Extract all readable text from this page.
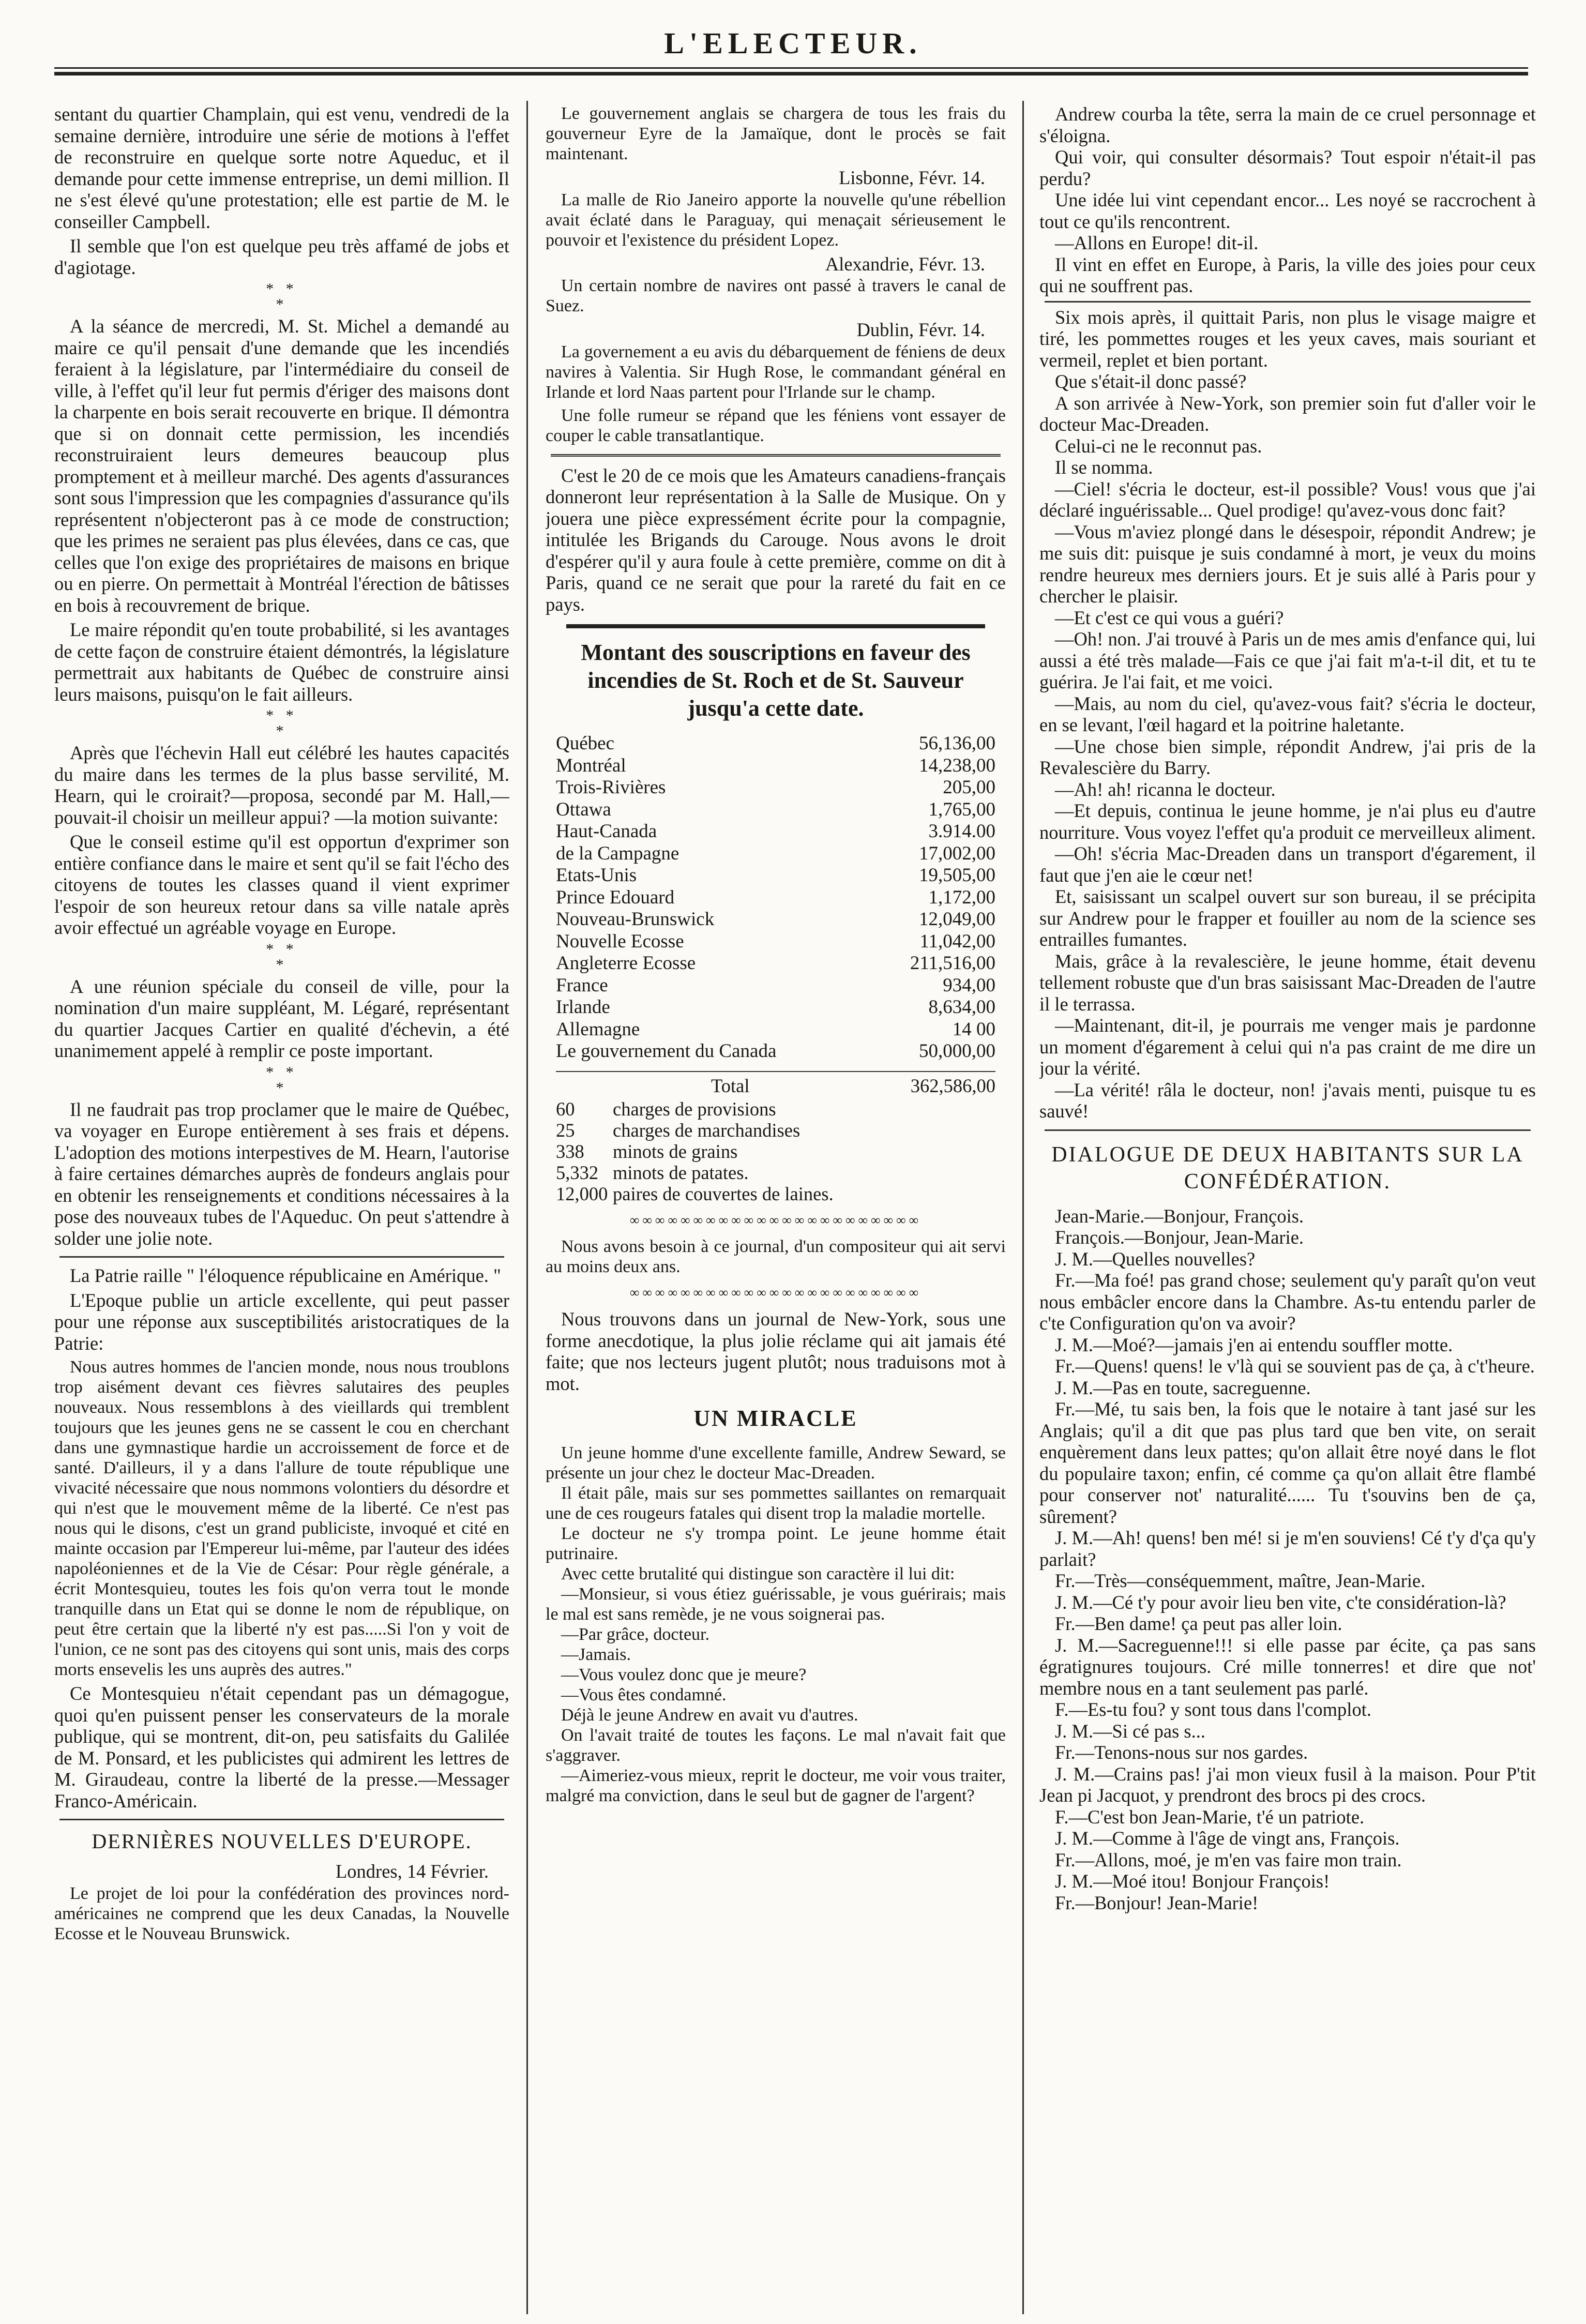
L'ELECTEUR.

sentant du quartier Champlain, qui est venu, vendredi de la semaine dernière, introduire une série de motions à l'effet de reconstruire en quelque sorte notre Aqueduc, et il demande pour cette immense entreprise, un demi million. Il ne s'est élevé qu'une protestation; elle est partie de M. le conseiller Campbell.

Il semble que l'on est quelque peu très affamé de jobs et d'agiotage.

* *
*

A la séance de mercredi, M. St. Michel a demandé au maire ce qu'il pensait d'une demande que les incendiés feraient à la législature, par l'intermédiaire du conseil de ville, à l'effet qu'il leur fut permis d'ériger des maisons dont la charpente en bois serait recouverte en brique. Il démontra que si on donnait cette permission, les incendiés reconstruiraient leurs demeures beaucoup plus promptement et à meilleur marché. Des agents d'assurances sont sous l'impression que les compagnies d'assurance qu'ils représentent n'objecteront pas à ce mode de construction; que les primes ne seraient pas plus élevées, dans ce cas, que celles que l'on exige des propriétaires de maisons en brique ou en pierre. On permettait à Montréal l'érection de bâtisses en bois à recouvrement de brique.

Le maire répondit qu'en toute probabilité, si les avantages de cette façon de construire étaient démontrés, la législature permettrait aux habitants de Québec de construire ainsi leurs maisons, puisqu'on le fait ailleurs.

* *
*

Après que l'échevin Hall eut célébré les hautes capacités du maire dans les termes de la plus basse servilité, M. Hearn, qui le croirait?—proposa, secondé par M. Hall,—pouvait-il choisir un meilleur appui? —la motion suivante:

Que le conseil estime qu'il est opportun d'exprimer son entière confiance dans le maire et sent qu'il se fait l'écho des citoyens de toutes les classes quand il vient exprimer l'espoir de son heureux retour dans sa ville natale après avoir effectué un agréable voyage en Europe.

* *
*

A une réunion spéciale du conseil de ville, pour la nomination d'un maire suppléant, M. Légaré, représentant du quartier Jacques Cartier en qualité d'échevin, a été unanimement appelé à remplir ce poste important.

* *
*

Il ne faudrait pas trop proclamer que le maire de Québec, va voyager en Europe entièrement à ses frais et dépens. L'adoption des motions interpestives de M. Hearn, l'autorise à faire certaines démarches auprès de fondeurs anglais pour en obtenir les renseignements et conditions nécessaires à la pose des nouveaux tubes de l'Aqueduc. On peut s'attendre à solder une jolie note.

La Patrie raille " l'éloquence républicaine en Amérique. "

L'Epoque publie un article excellente, qui peut passer pour une réponse aux susceptibilités aristocratiques de la Patrie:

Nous autres hommes de l'ancien monde, nous nous troublons trop aisément devant ces fièvres salutaires des peuples nouveaux. Nous ressemblons à des vieillards qui tremblent toujours que les jeunes gens ne se cassent le cou en cherchant dans une gymnastique hardie un accroissement de force et de santé. D'ailleurs, il y a dans l'allure de toute république une vivacité nécessaire que nous nommons volontiers du désordre et qui n'est que le mouvement même de la liberté. Ce n'est pas nous qui le disons, c'est un grand publiciste, invoqué et cité en mainte occasion par l'Empereur lui-même, par l'auteur des idées napoléoniennes et de la Vie de César: Pour règle générale, a écrit Montesquieu, toutes les fois qu'on verra tout le monde tranquille dans un Etat qui se donne le nom de république, on peut être certain que la liberté n'y est pas.....Si l'on y voit de l'union, ce ne sont pas des citoyens qui sont unis, mais des corps morts ensevelis les uns auprès des autres."

Ce Montesquieu n'était cependant pas un démagogue, quoi qu'en puissent penser les conservateurs de la morale publique, qui se montrent, dit-on, peu satisfaits du Galilée de M. Ponsard, et les publicistes qui admirent les lettres de M. Giraudeau, contre la liberté de la presse.—Messager Franco-Américain.

DERNIÈRES NOUVELLES D'EUROPE.
Londres, 14 Février.

Le projet de loi pour la confédération des provinces nord-américaines ne comprend que les deux Canadas, la Nouvelle Ecosse et le Nouveau Brunswick.

Le gouvernement anglais se chargera de tous les frais du gouverneur Eyre de la Jamaïque, dont le procès se fait maintenant.

Lisbonne, Févr. 14.

La malle de Rio Janeiro apporte la nouvelle qu'une rébellion avait éclaté dans le Paraguay, qui menaçait sérieusement le pouvoir et l'existence du président Lopez.

Alexandrie, Févr. 13.

Un certain nombre de navires ont passé à travers le canal de Suez.

Dublin, Févr. 14.

La governement a eu avis du débarquement de féniens de deux navires à Valentia. Sir Hugh Rose, le commandant général en Irlande et lord Naas partent pour l'Irlande sur le champ.

Une folle rumeur se répand que les féniens vont essayer de couper le cable transatlantique.

C'est le 20 de ce mois que les Amateurs canadiens-français donneront leur représentation à la Salle de Musique. On y jouera une pièce expressément écrite pour la compagnie, intitulée les Brigands du Carouge. Nous avons le droit d'espérer qu'il y aura foule à cette première, comme on dit à Paris, quand ce ne serait que pour la rareté du fait en ce pays.

Montant des souscriptions en faveur des incendies de St. Roch et de St. Sauveur jusqu'a cette date.
Québec	56,136,00
Montréal	14,238,00
Trois-Rivières	205,00
Ottawa	1,765,00
Haut-Canada	3.914.00
de la Campagne	17,002,00
Etats-Unis	19,505,00
Prince Edouard	1,172,00
Nouveau-Brunswick	12,049,00
Nouvelle Ecosse	11,042,00
Angleterre Ecosse	211,516,00
France	934,00
Irlande	8,634,00
Allemagne	14 00
Le gouvernement du Canada	50,000,00
Total	362,586,00
60	charges de provisions
25	charges de marchandises
338	minots de grains
5,332 minots de patates.
12,000 paires de couvertes de laines.
∞∞∞∞∞∞∞∞∞∞∞∞∞∞∞∞∞∞∞∞∞∞∞

Nous avons besoin à ce journal, d'un compositeur qui ait servi au moins deux ans.

∞∞∞∞∞∞∞∞∞∞∞∞∞∞∞∞∞∞∞∞∞∞∞

Nous trouvons dans un journal de New-York, sous une forme anecdotique, la plus jolie réclame qui ait jamais été faite; que nos lecteurs jugent plutôt; nous traduisons mot à mot.

UN MIRACLE

Un jeune homme d'une excellente famille, Andrew Seward, se présente un jour chez le docteur Mac-Dreaden.

Il était pâle, mais sur ses pommettes saillantes on remarquait une de ces rougeurs fatales qui disent trop la maladie mortelle.

Le docteur ne s'y trompa point. Le jeune homme était putrinaire.

Avec cette brutalité qui distingue son caractère il lui dit:

—Monsieur, si vous étiez guérissable, je vous guérirais; mais le mal est sans remède, je ne vous soignerai pas.

—Par grâce, docteur.

—Jamais.

—Vous voulez donc que je meure?

—Vous êtes condamné.

Déjà le jeune Andrew en avait vu d'autres.

On l'avait traité de toutes les façons. Le mal n'avait fait que s'aggraver.

—Aimeriez-vous mieux, reprit le docteur, me voir vous traiter, malgré ma conviction, dans le seul but de gagner de l'argent?

Andrew courba la tête, serra la main de ce cruel personnage et s'éloigna.

Qui voir, qui consulter désormais? Tout espoir n'était-il pas perdu?

Une idée lui vint cependant encor... Les noyé se raccrochent à tout ce qu'ils rencontrent.

—Allons en Europe! dit-il.

Il vint en effet en Europe, à Paris, la ville des joies pour ceux qui ne souffrent pas.

Six mois après, il quittait Paris, non plus le visage maigre et tiré, les pommettes rouges et les yeux caves, mais souriant et vermeil, replet et bien portant.

Que s'était-il donc passé?

A son arrivée à New-York, son premier soin fut d'aller voir le docteur Mac-Dreaden.

Celui-ci ne le reconnut pas.

Il se nomma.

—Ciel! s'écria le docteur, est-il possible? Vous! vous que j'ai déclaré inguérissable... Quel prodige! qu'avez-vous donc fait?

—Vous m'aviez plongé dans le désespoir, répondit Andrew; je me suis dit: puisque je suis condamné à mort, je veux du moins rendre heureux mes derniers jours. Et je suis allé à Paris pour y chercher le plaisir.

—Et c'est ce qui vous a guéri?

—Oh! non. J'ai trouvé à Paris un de mes amis d'enfance qui, lui aussi a été très malade—Fais ce que j'ai fait m'a-t-il dit, et tu te guérira. Je l'ai fait, et me voici.

—Mais, au nom du ciel, qu'avez-vous fait? s'écria le docteur, en se levant, l'œil hagard et la poitrine haletante.

—Une chose bien simple, répondit Andrew, j'ai pris de la Revalescière du Barry.

—Ah! ah! ricanna le docteur.

—Et depuis, continua le jeune homme, je n'ai plus eu d'autre nourriture. Vous voyez l'effet qu'a produit ce merveilleux aliment.

—Oh! s'écria Mac-Dreaden dans un transport d'égarement, il faut que j'en aie le cœur net!

Et, saisissant un scalpel ouvert sur son bureau, il se précipita sur Andrew pour le frapper et fouiller au nom de la science ses entrailles fumantes.

Mais, grâce à la revalescière, le jeune homme, était devenu tellement robuste que d'un bras saisissant Mac-Dreaden de l'autre il le terrassa.

—Maintenant, dit-il, je pourrais me venger mais je pardonne un moment d'égarement à celui qui n'a pas craint de me dire un jour la vérité.

—La vérité! râla le docteur, non! j'avais menti, puisque tu es sauvé!

DIALOGUE DE DEUX HABITANTS SUR LA CONFÉDÉRATION.

Jean-Marie.—Bonjour, François.

François.—Bonjour, Jean-Marie.

J. M.—Quelles nouvelles?

Fr.—Ma foé! pas grand chose; seulement qu'y paraît qu'on veut nous embâcler encore dans la Chambre. As-tu entendu parler de c'te Configuration qu'on va avoir?

J. M.—Moé?—jamais j'en ai entendu souffler motte.

Fr.—Quens! quens! le v'là qui se souvient pas de ça, à c't'heure.

J. M.—Pas en toute, sacreguenne.

Fr.—Mé, tu sais ben, la fois que le notaire à tant jasé sur les Anglais; qu'il a dit que pas plus tard que ben vite, on serait enquèrement dans leux pattes; qu'on allait être noyé dans le flot du populaire taxon; enfin, cé comme ça qu'on allait être flambé pour conserver not' naturalité...... Tu t'souvins ben de ça, sûrement?

J. M.—Ah! quens! ben mé! si je m'en souviens! Cé t'y d'ça qu'y parlait?

Fr.—Très—conséquemment, maître, Jean-Marie.

J. M.—Cé t'y pour avoir lieu ben vite, c'te considération-là?

Fr.—Ben dame! ça peut pas aller loin.

J. M.—Sacreguenne!!! si elle passe par écite, ça pas sans égratignures toujours. Cré mille tonnerres! et dire que not' membre nous en a tant seulement pas parlé.

F.—Es-tu fou? y sont tous dans l'complot.

J. M.—Si cé pas s...

Fr.—Tenons-nous sur nos gardes.

J. M.—Crains pas! j'ai mon vieux fusil à la maison. Pour P'tit Jean pi Jacquot, y prendront des brocs pi des crocs.

F.—C'est bon Jean-Marie, t'é un patriote.

J. M.—Comme à l'âge de vingt ans, François.

Fr.—Allons, moé, je m'en vas faire mon train.

J. M.—Moé itou! Bonjour François!

Fr.—Bonjour! Jean-Marie!
